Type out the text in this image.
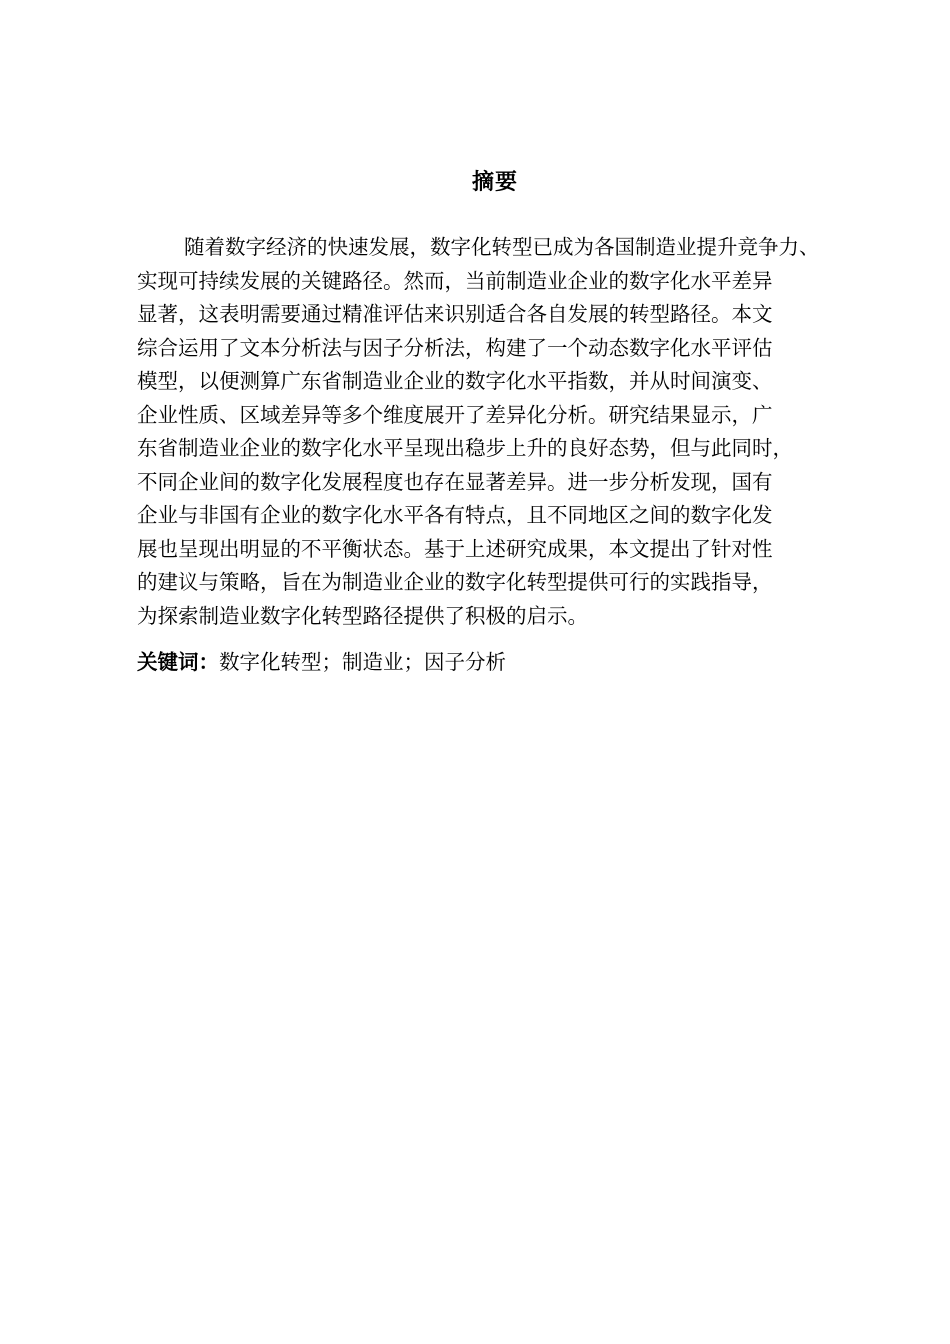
摘要
随着数字经济的快速发展，数字化转型已成为各国制造业提升竞争力、
实现可持续发展的关键路径。然而，当前制造业企业的数字化水平差异
显著，这表明需要通过精准评估来识别适合各自发展的转型路径。本文
综合运用了文本分析法与因子分析法，构建了一个动态数字化水平评估
模型，以便测算广东省制造业企业的数字化水平指数，并从时间演变、
企业性质、区域差异等多个维度展开了差异化分析。研究结果显示，广
东省制造业企业的数字化水平呈现出稳步上升的良好态势，但与此同时，
不同企业间的数字化发展程度也存在显著差异。进一步分析发现，国有
企业与非国有企业的数字化水平各有特点，且不同地区之间的数字化发
展也呈现出明显的不平衡状态。基于上述研究成果，本文提出了针对性
的建议与策略，旨在为制造业企业的数字化转型提供可行的实践指导，
为探索制造业数字化转型路径提供了积极的启示。
关键词：数字化转型；制造业；因子分析
